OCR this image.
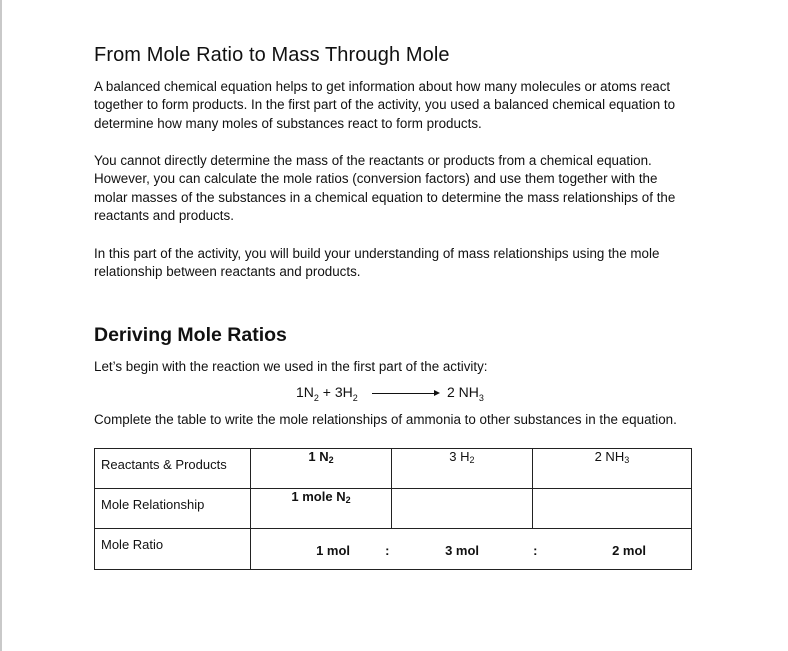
From Mole Ratio to Mass Through Mole

A balanced chemical equation helps to get information about how many molecules or atoms react together to form products. In the first part of the activity, you used a balanced chemical equation to determine how many moles of substances react to form products.

You cannot directly determine the mass of the reactants or products from a chemical equation. However, you can calculate the mole ratios (conversion factors) and use them together with the molar masses of the substances in a chemical equation to determine the mass relationships of the reactants and products.

In this part of the activity, you will build your understanding of mass relationships using the mole relationship between reactants and products.

Deriving Mole Ratios

Let’s begin with the reaction we used in the first part of the activity:

$1N_2 + 3H_2$	2 $NH_3$

Complete the table to write the mole relationships of ammonia to other substances in the equation.

Reactants & Products	1 $N_2$	3 $H_2$	2 $NH_3$
Mole Relationship	1 mole $N_2$		
Mole Ratio	1 mol : 3 mol : 2 mol		
